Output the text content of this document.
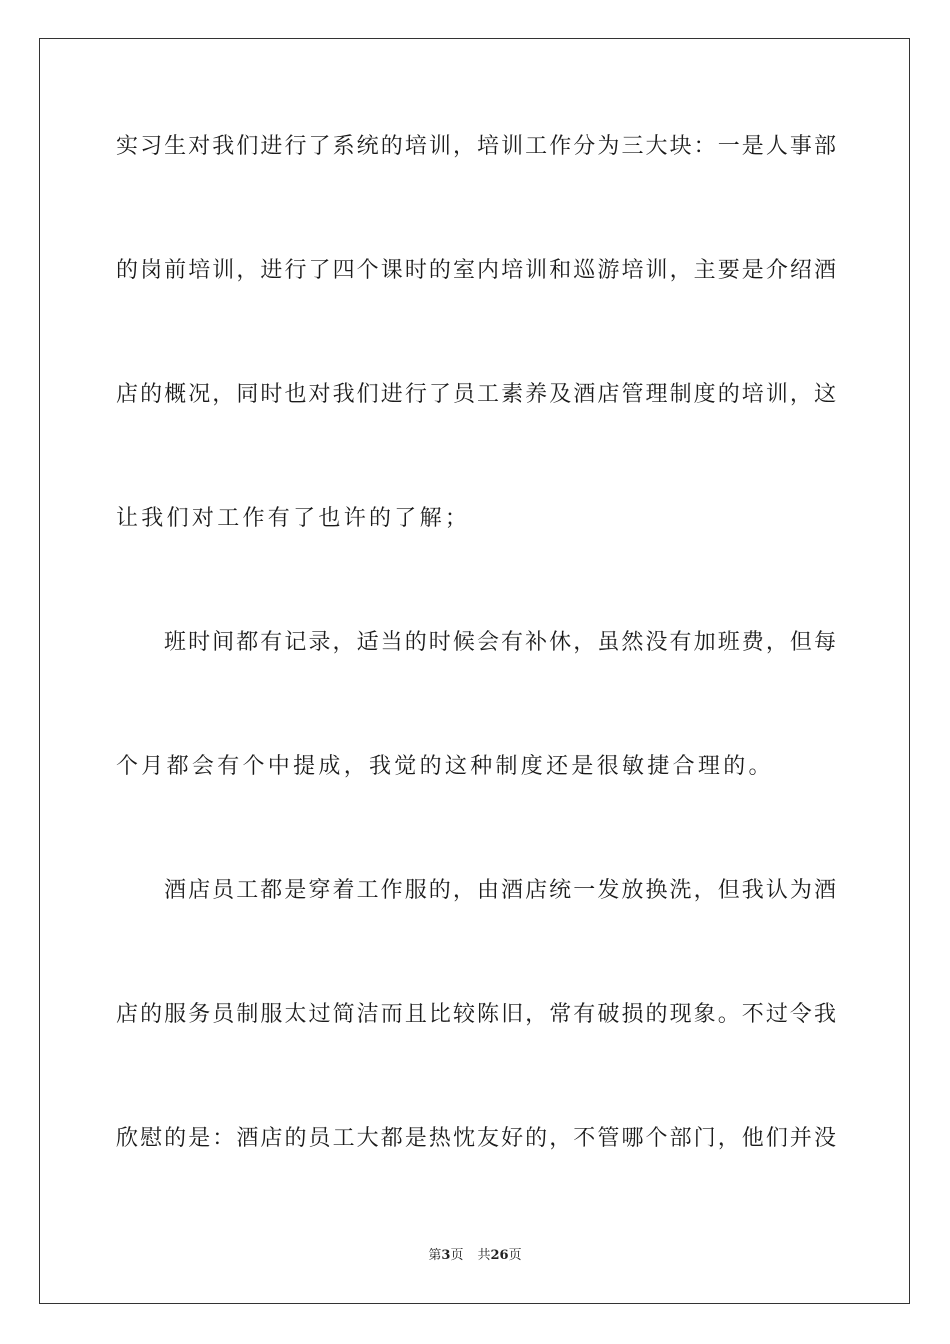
实习生对我们进行了系统的培训，培训工作分为三大块：一是人事部
的岗前培训，进行了四个课时的室内培训和巡游培训，主要是介绍酒
店的概况，同时也对我们进行了员工素养及酒店管理制度的培训，这
让我们对工作有了也许的了解；
班时间都有记录，适当的时候会有补休，虽然没有加班费，但每
个月都会有个中提成，我觉的这种制度还是很敏捷合理的。
酒店员工都是穿着工作服的，由酒店统一发放换洗，但我认为酒
店的服务员制服太过简洁而且比较陈旧，常有破损的现象。不过令我
欣慰的是：酒店的员工大都是热忱友好的，不管哪个部门，他们并没
第3页 共26页
